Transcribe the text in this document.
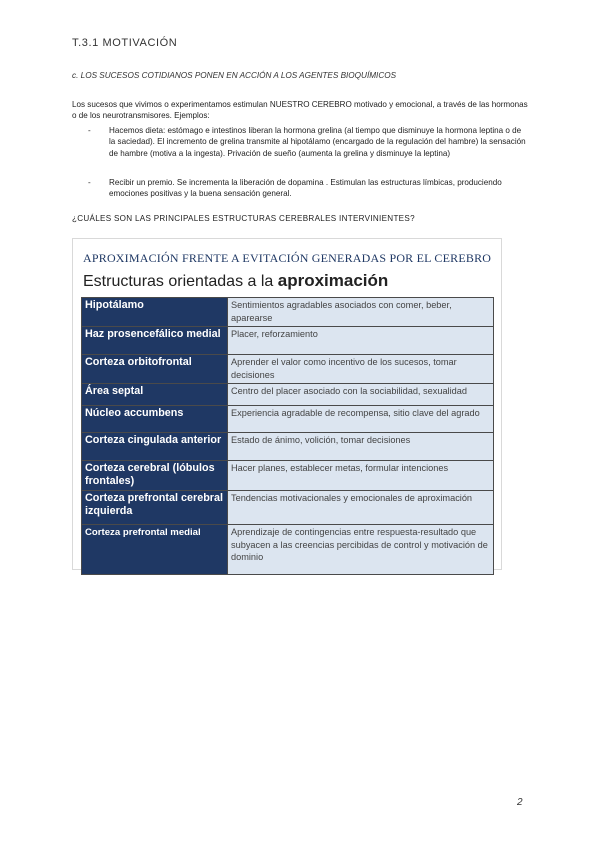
T.3.1 MOTIVACIÓN
c. LOS SUCESOS COTIDIANOS PONEN EN ACCIÓN A LOS AGENTES BIOQUÍMICOS
Los sucesos que vivimos o experimentamos estimulan NUESTRO CEREBRO motivado y emocional, a través de las hormonas o de los neurotransmisores. Ejemplos:
-	Hacemos dieta: estómago e intestinos liberan la hormona grelina (al tiempo que disminuye la hormona leptina o de la saciedad). El incremento de grelina transmite al hipotálamo (encargado de la regulación del hambre) la sensación de hambre (motiva a la ingesta). Privación de sueño (aumenta la grelina y disminuye la leptina)
-	Recibir un premio. Se incrementa la liberación de dopamina . Estimulan las estructuras límbicas, produciendo emociones positivas y la buena sensación general.
¿CUÁLES SON LAS PRINCIPALES ESTRUCTURAS CEREBRALES INTERVINIENTES?
APROXIMACIÓN FRENTE A EVITACIÓN GENERADAS POR EL CEREBRO
Estructuras orientadas a la aproximación
Hipotálamo	Sentimientos agradables asociados con comer, beber, aparearse
Haz prosencefálico medial	Placer, reforzamiento
Corteza orbitofrontal	Aprender el valor como incentivo de los sucesos, tomar decisiones
Área septal	Centro del placer asociado con la sociabilidad, sexualidad
Núcleo accumbens	Experiencia agradable de recompensa, sitio clave del agrado
Corteza cingulada anterior	Estado de ánimo, volición, tomar decisiones
Corteza cerebral (lóbulos frontales)	Hacer planes, establecer metas, formular intenciones
Corteza prefrontal cerebral izquierda	Tendencias motivacionales y emocionales de aproximación
Corteza prefrontal medial	Aprendizaje de contingencias entre respuesta-resultado que subyacen a las creencias percibidas de control y motivación de dominio
2
